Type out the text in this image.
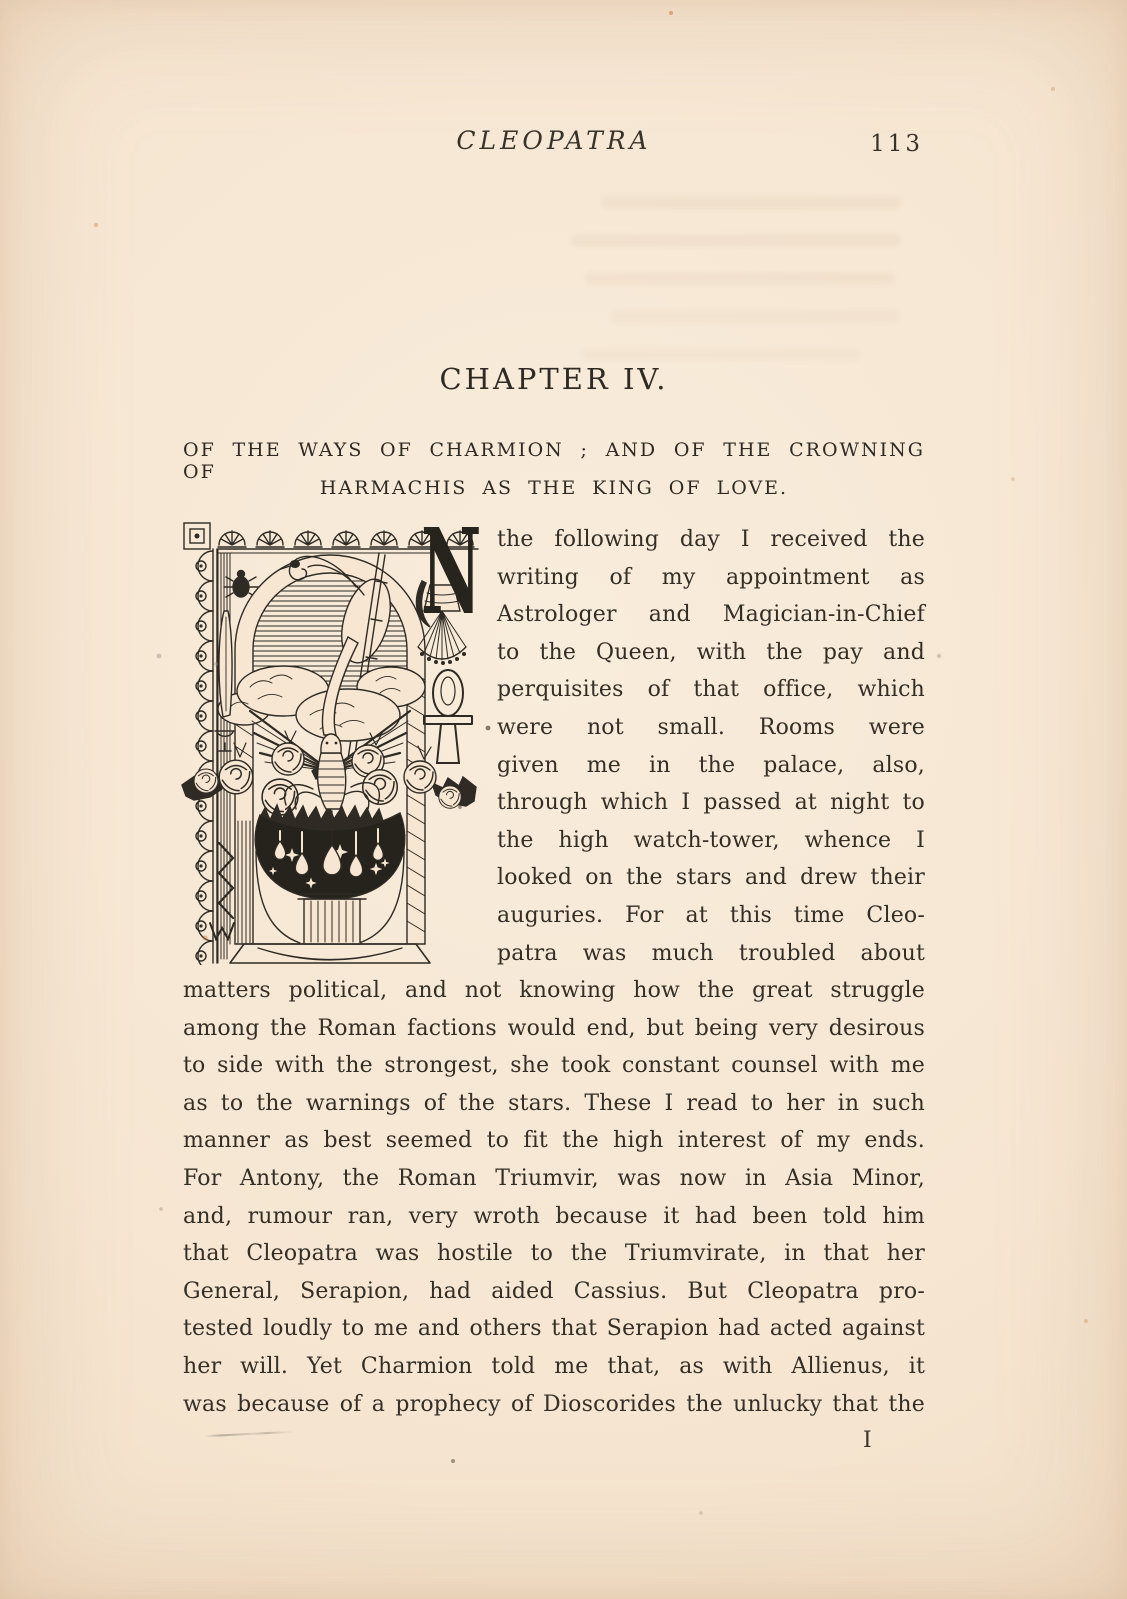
CLEOPATRA	113
CHAPTER IV.
OF THE WAYS OF CHARMION ; AND OF THE CROWNING OF
HARMACHIS AS THE KING OF LOVE.
N the following day I received the
writing of my appointment as
Astrologer and Magician-in-Chief
to the Queen, with the pay and
perquisites of that office, which
were not small. Rooms were
given me in the palace, also,
through which I passed at night to
the high watch-tower, whence I
looked on the stars and drew their
auguries. For at this time Cleo-
patra was much troubled about
matters political, and not knowing how the great struggle
among the Roman factions would end, but being very desirous
to side with the strongest, she took constant counsel with me
as to the warnings of the stars. These I read to her in such
manner as best seemed to fit the high interest of my ends.
For Antony, the Roman Triumvir, was now in Asia Minor,
and, rumour ran, very wroth because it had been told him
that Cleopatra was hostile to the Triumvirate, in that her
General, Serapion, had aided Cassius. But Cleopatra pro-
tested loudly to me and others that Serapion had acted against
her will. Yet Charmion told me that, as with Allienus, it
was because of a prophecy of Dioscorides the unlucky that the
I
